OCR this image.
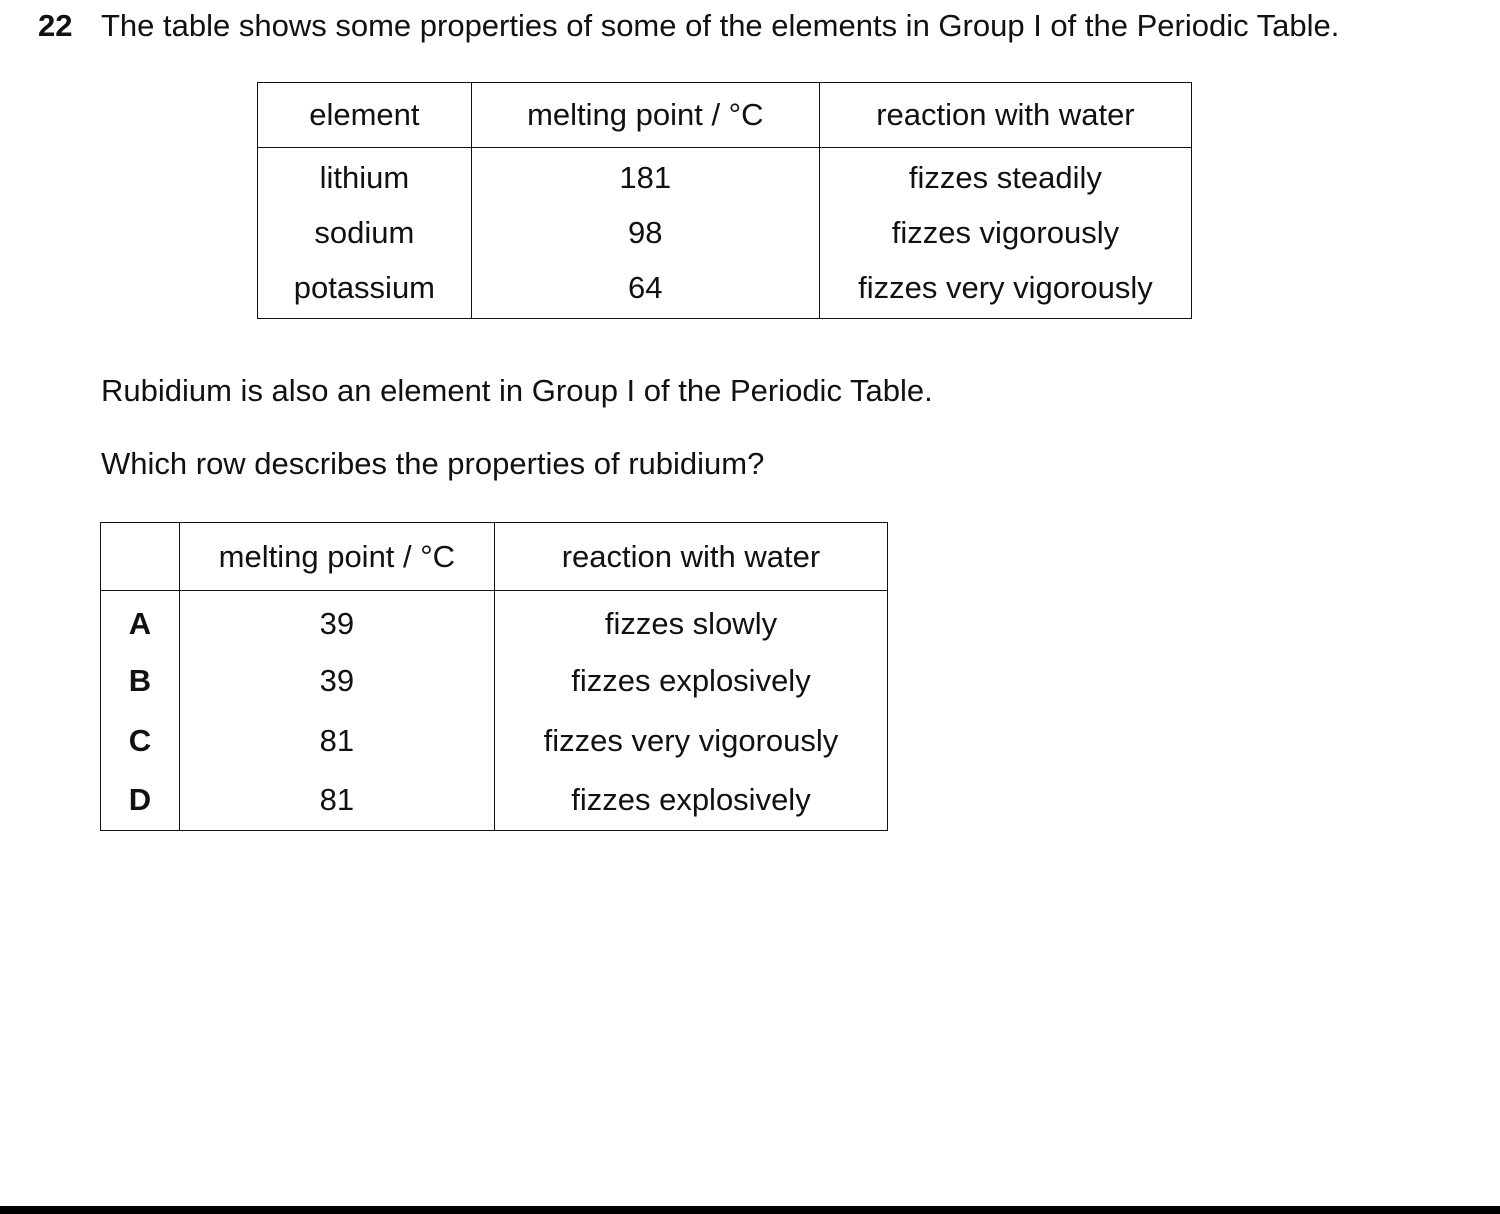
22 The table shows some properties of some of the elements in Group I of the Periodic Table.
element	melting point / °C	reaction with water
lithium	181	fizzes steadily
sodium	98	fizzes vigorously
potassium	64	fizzes very vigorously
Rubidium is also an element in Group I of the Periodic Table.
Which row describes the properties of rubidium?
	melting point / °C	reaction with water
A	39	fizzes slowly
B	39	fizzes explosively
C	81	fizzes very vigorously
D	81	fizzes explosively
